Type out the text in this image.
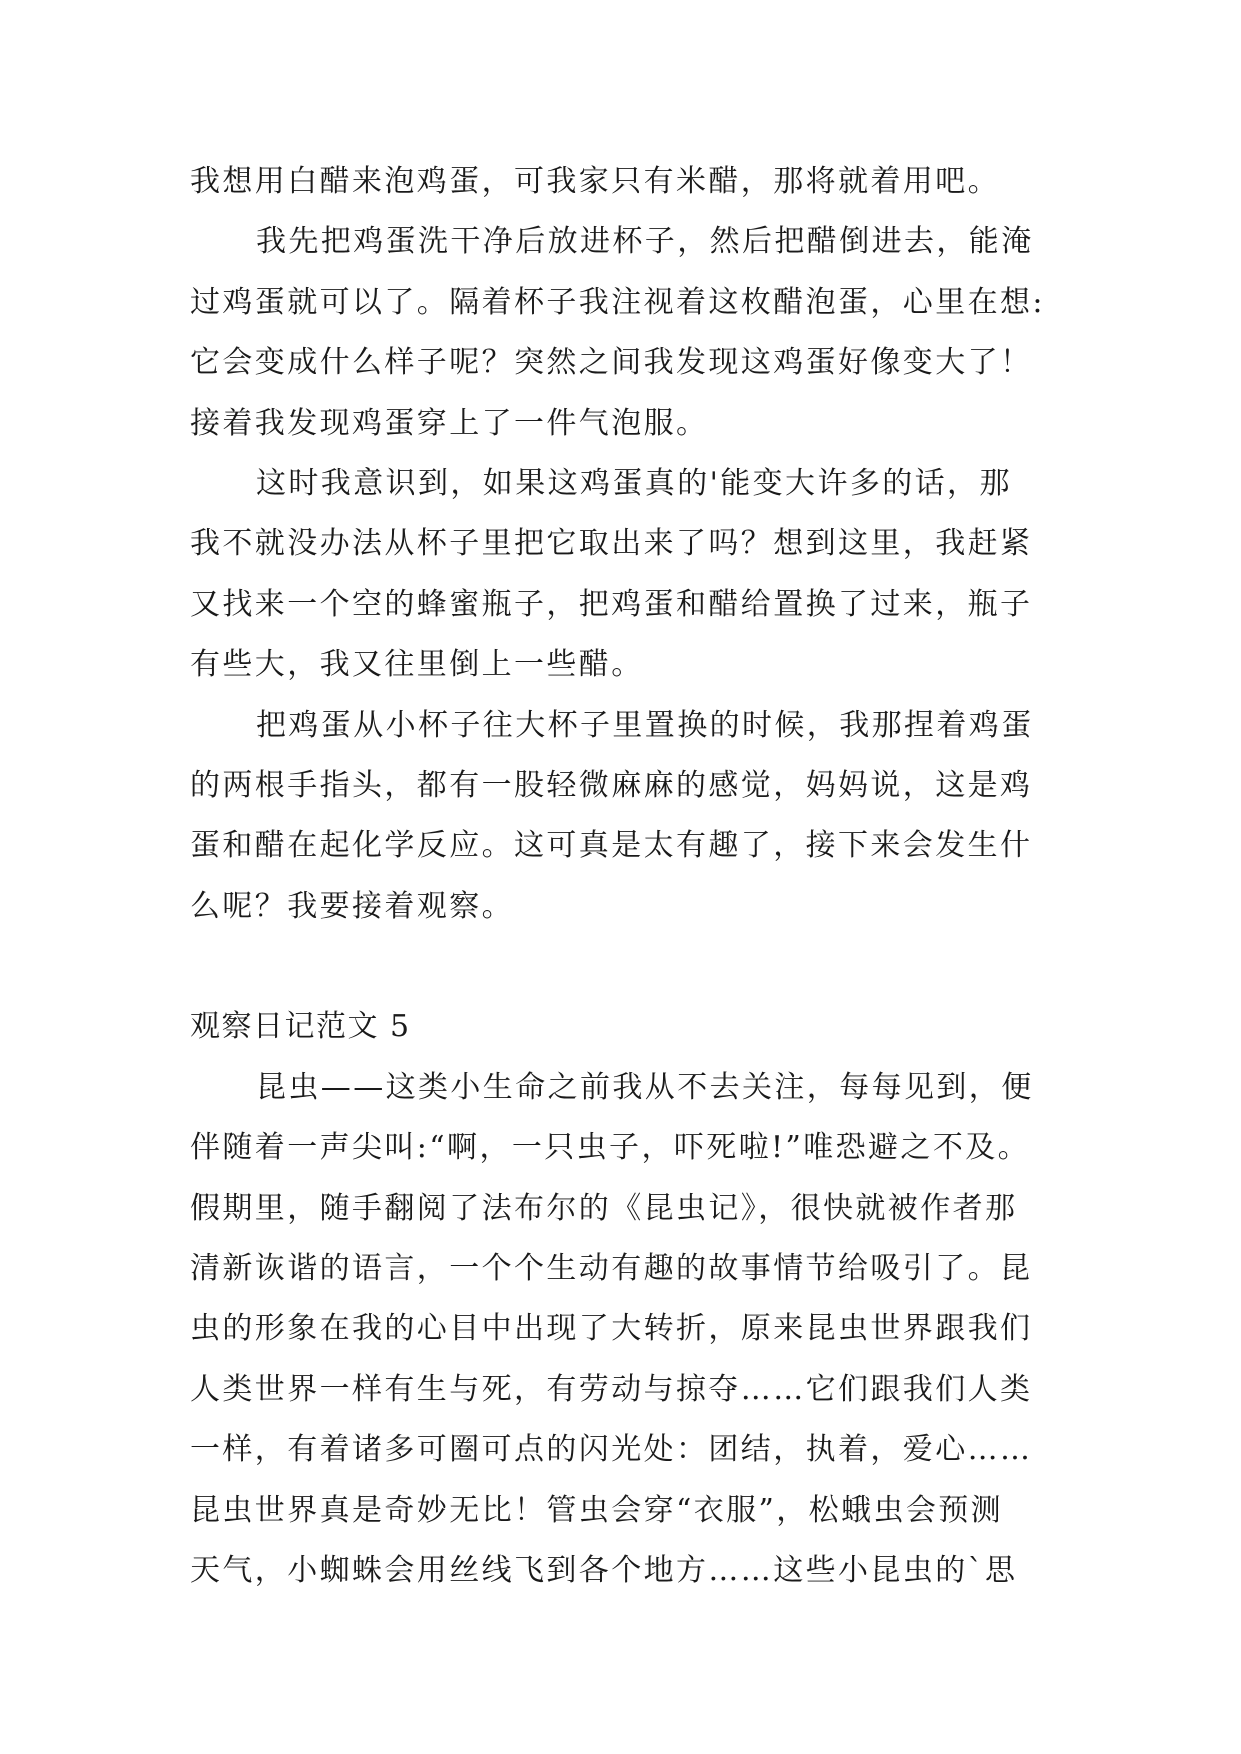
我想用白醋来泡鸡蛋，可我家只有米醋，那将就着用吧。
我先把鸡蛋洗干净后放进杯子，然后把醋倒进去，能淹
过鸡蛋就可以了。隔着杯子我注视着这枚醋泡蛋，心里在想:
它会变成什么样子呢？突然之间我发现这鸡蛋好像变大了！
接着我发现鸡蛋穿上了一件气泡服。
这时我意识到，如果这鸡蛋真的'能变大许多的话，那
我不就没办法从杯子里把它取出来了吗？想到这里，我赶紧
又找来一个空的蜂蜜瓶子，把鸡蛋和醋给置换了过来，瓶子
有些大，我又往里倒上一些醋。
把鸡蛋从小杯子往大杯子里置换的时候，我那捏着鸡蛋
的两根手指头，都有一股轻微麻麻的感觉，妈妈说，这是鸡
蛋和醋在起化学反应。这可真是太有趣了，接下来会发生什
么呢？我要接着观察。
观察日记范文 5
昆虫——这类小生命之前我从不去关注，每每见到，便
伴随着一声尖叫:“啊，一只虫子，吓死啦!”唯恐避之不及。
假期里，随手翻阅了法布尔的《昆虫记》，很快就被作者那
清新诙谐的语言，一个个生动有趣的故事情节给吸引了。昆
虫的形象在我的心目中出现了大转折，原来昆虫世界跟我们
人类世界一样有生与死，有劳动与掠夺……它们跟我们人类
一样，有着诸多可圈可点的闪光处：团结，执着，爱心……
昆虫世界真是奇妙无比！管虫会穿“衣服”，松蛾虫会预测
天气，小蜘蛛会用丝线飞到各个地方……这些小昆虫的`思
